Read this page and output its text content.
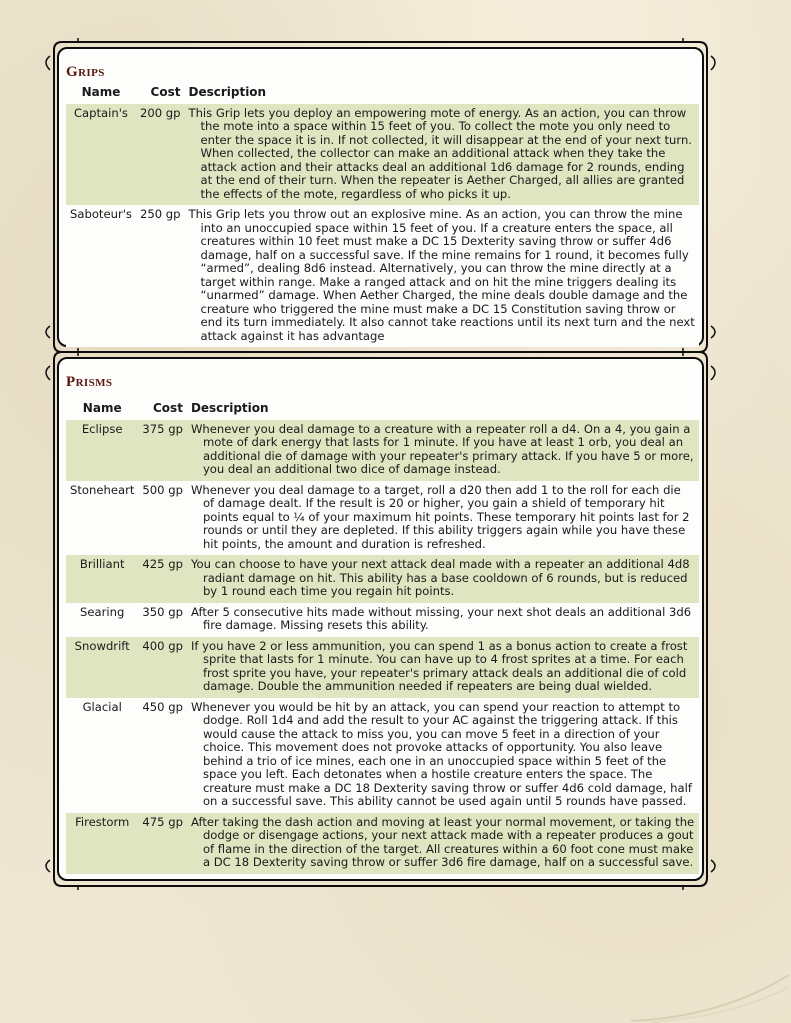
Grips
Name	Cost	Description
Captain's	200 gp	This Grip lets you deploy an empowering mote of energy. As an action, you can throw the mote into a space within 15 feet of you. To collect the mote you only need to enter the space it is in. If not collected, it will disappear at the end of your next turn. When collected, the collector can make an additional attack when they take the attack action and their attacks deal an additional 1d6 damage for 2 rounds, ending at the end of their turn. When the repeater is Aether Charged, all allies are granted the effects of the mote, regardless of who picks it up.

Saboteur's	250 gp	This Grip lets you throw out an explosive mine. As an action, you can throw the mine into an unoccupied space within 15 feet of you. If a creature enters the space, all creatures within 10 feet must make a DC 15 Dexterity saving throw or suffer 4d6 damage, half on a successful save. If the mine remains for 1 round, it becomes fully “armed”, dealing 8d6 instead. Alternatively, you can throw the mine directly at a target within range. Make a ranged attack and on hit the mine triggers dealing its “unarmed” damage. When Aether Charged, the mine deals double damage and the creature who triggered the mine must make a DC 15 Constitution saving throw or end its turn immediately. It also cannot take reactions until its next turn and the next attack against it has advantage
Prisms
Name	Cost	Description
Eclipse	375 gp	Whenever you deal damage to a creature with a repeater roll a d4. On a 4, you gain a mote of dark energy that lasts for 1 minute. If you have at least 1 orb, you deal an additional die of damage with your repeater's primary attack. If you have 5 or more, you deal an additional two dice of damage instead.

Stoneheart	500 gp	Whenever you deal damage to a target, roll a d20 then add 1 to the roll for each die of damage dealt. If the result is 20 or higher, you gain a shield of temporary hit points equal to ¼ of your maximum hit points. These temporary hit points last for 2 rounds or until they are depleted. If this ability triggers again while you have these hit points, the amount and duration is refreshed.

Brilliant	425 gp	You can choose to have your next attack deal made with a repeater an additional 4d8 radiant damage on hit. This ability has a base cooldown of 6 rounds, but is reduced by 1 round each time you regain hit points.

Searing	350 gp	After 5 consecutive hits made without missing, your next shot deals an additional 3d6 fire damage. Missing resets this ability.

Snowdrift	400 gp	If you have 2 or less ammunition, you can spend 1 as a bonus action to create a frost sprite that lasts for 1 minute. You can have up to 4 frost sprites at a time. For each frost sprite you have, your repeater's primary attack deals an additional die of cold damage. Double the ammunition needed if repeaters are being dual wielded.

Glacial	450 gp	Whenever you would be hit by an attack, you can spend your reaction to attempt to dodge. Roll 1d4 and add the result to your AC against the triggering attack. If this would cause the attack to miss you, you can move 5 feet in a direction of your choice. This movement does not provoke attacks of opportunity. You also leave behind a trio of ice mines, each one in an unoccupied space within 5 feet of the space you left. Each detonates when a hostile creature enters the space. The creature must make a DC 18 Dexterity saving throw or suffer 4d6 cold damage, half on a successful save. This ability cannot be used again until 5 rounds have passed.

Firestorm	475 gp	After taking the dash action and moving at least your normal movement, or taking the dodge or disengage actions, your next attack made with a repeater produces a gout of flame in the direction of the target. All creatures within a 60 foot cone must make a DC 18 Dexterity saving throw or suffer 3d6 fire damage, half on a successful save.
